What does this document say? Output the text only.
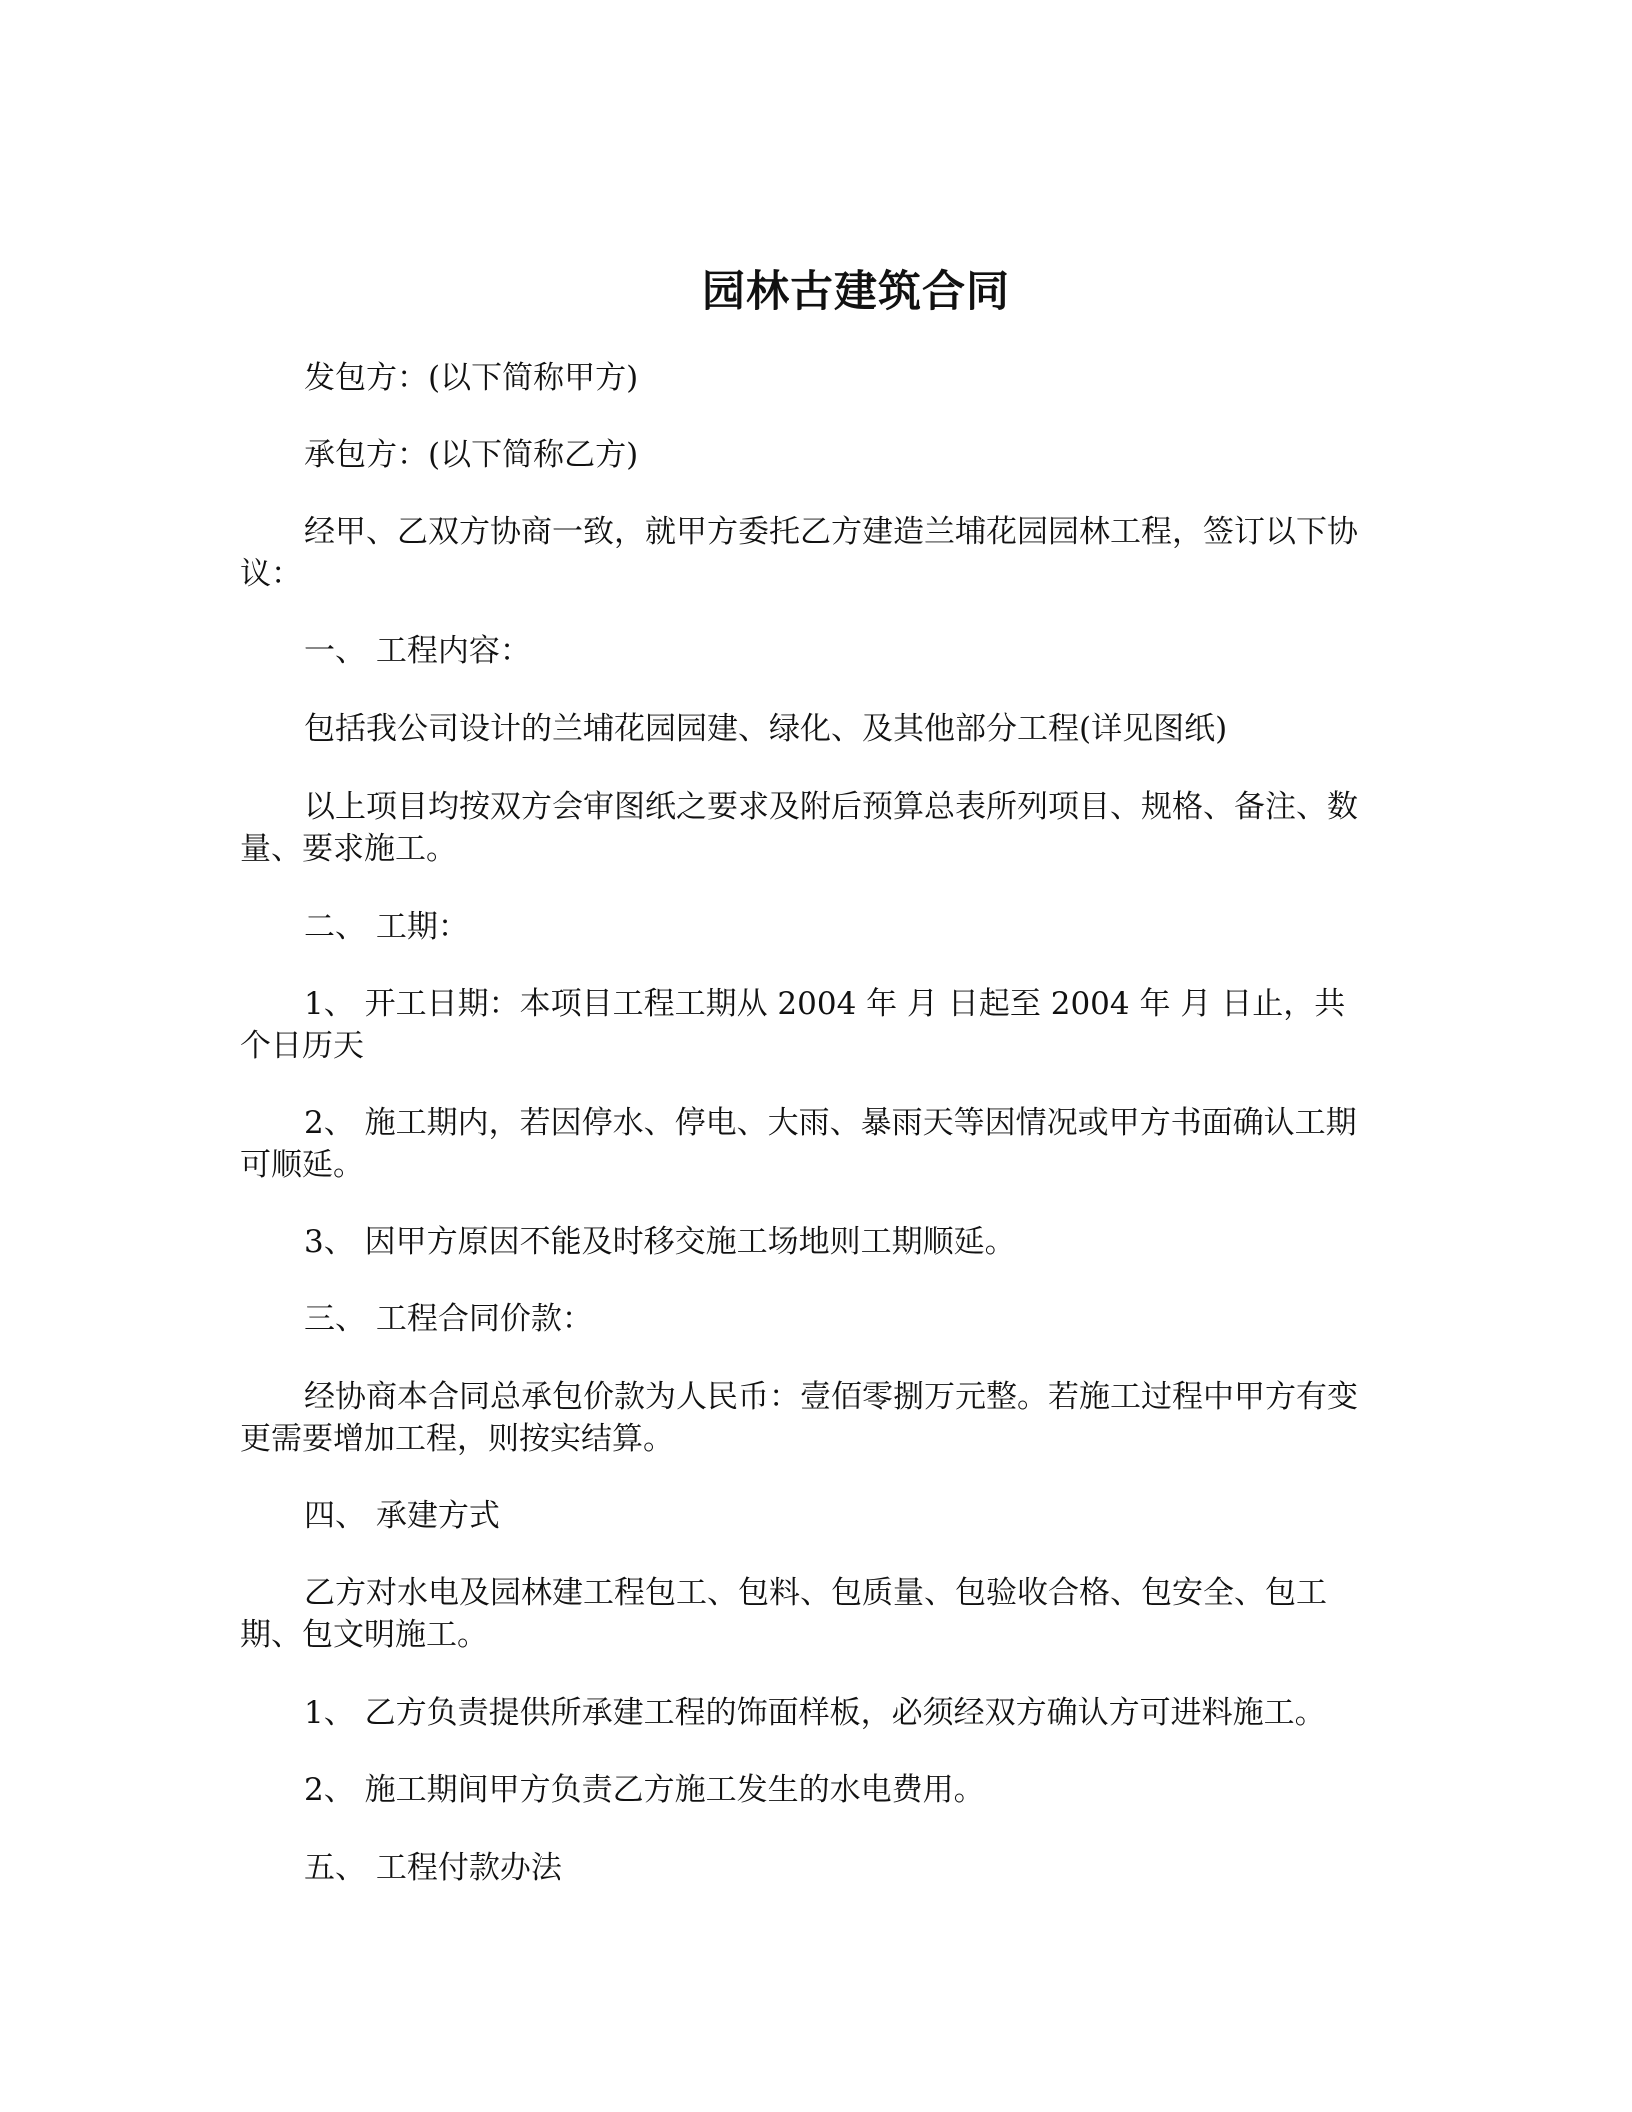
园林古建筑合同
发包方：(以下简称甲方)
承包方：(以下简称乙方)
经甲、乙双方协商一致，就甲方委托乙方建造兰埔花园园林工程，签订以下协议：
一、 工程内容：
包括我公司设计的兰埔花园园建、绿化、及其他部分工程(详见图纸)
以上项目均按双方会审图纸之要求及附后预算总表所列项目、规格、备注、数量、要求施工。
二、 工期：
1、 开工日期：本项目工程工期从 2004 年 月 日起至 2004 年 月 日止，共 个日历天
2、 施工期内，若因停水、停电、大雨、暴雨天等因情况或甲方书面确认工期可顺延。
3、 因甲方原因不能及时移交施工场地则工期顺延。
三、 工程合同价款：
经协商本合同总承包价款为人民币：壹佰零捌万元整。若施工过程中甲方有变更需要增加工程，则按实结算。
四、 承建方式
乙方对水电及园林建工程包工、包料、包质量、包验收合格、包安全、包工期、包文明施工。
1、 乙方负责提供所承建工程的饰面样板，必须经双方确认方可进料施工。
2、 施工期间甲方负责乙方施工发生的水电费用。
五、 工程付款办法
